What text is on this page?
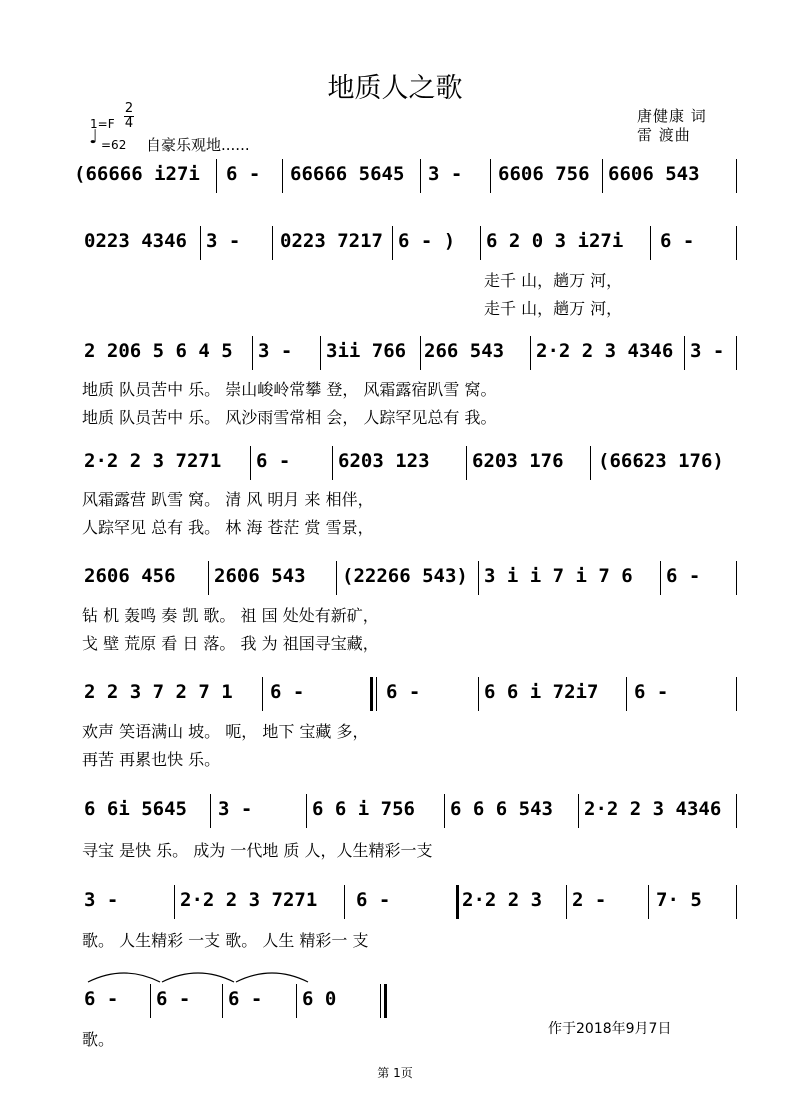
地质人之歌
1=F
2
4
♩ =62 自豪乐观地......
唐健康 词
雷 渡曲
(66666 i27i 6 - 66666 5645 3 - 6606 756 6606 543
0223 4346 3 - 0223 7217 6 - ) 6 2 0 3 i27i 6 -
走千 山，趟万 河，
走千 山，趟万 河，
2 206 5 6 4 5 3 - 3ii 766 266 543 2·2 2 3 4346 3 -
地质 队员苦中 乐。 崇山峻岭常攀 登， 风霜露宿趴雪 窝。
地质 队员苦中 乐。 风沙雨雪常相 会， 人踪罕见总有 我。
2·2 2 3 7271 6 -	6203 123 6203 176 (66623 176)
风霜露营 趴雪 窝。 清 风 明月 来 相伴，
人踪罕见 总有 我。 林 海 苍茫 赏 雪景，
2606 456 2606 543 (22266 543) 3 i i 7 i 7 6 6 -
钻 机 轰鸣 奏 凯 歌。 祖 国 处处有新矿，
戈 壁 荒原 看 日 落。 我 为 祖国寻宝藏，
2 2 3 7 2 7 1 6 -	6 -	6 6 i 72i7 6 -
欢声 笑语满山 坡。 呃， 地下 宝藏 多，
再苦 再累也快 乐。
6 6i 5645 3 -	6 6 i 756 6 6 6 543 2·2 2 3 4346
寻宝 是快 乐。 成为 一代地 质 人，人生精彩一支
3 -	2·2 2 3 7271 6 -	2·2 2 3 2 -	7· 5
歌。 人生精彩 一支 歌。 人生 精彩一 支
6 - 6 - 6 - 6 0
歌。
作于2018年9月7日
第 1页
